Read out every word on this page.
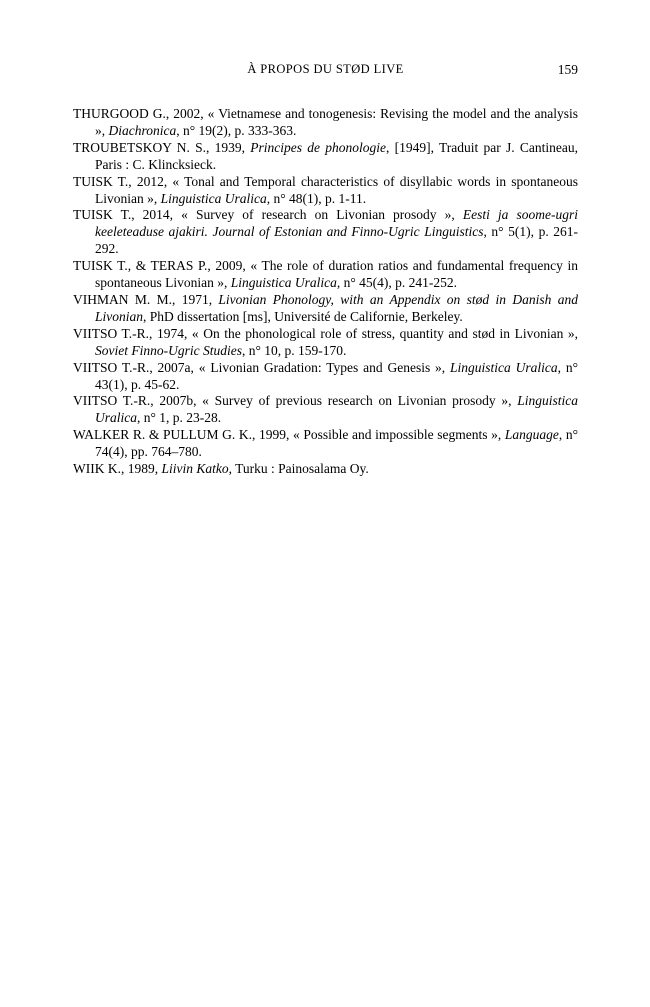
À PROPOS DU STØD LIVE	159

THURGOOD G., 2002, « Vietnamese and tonogenesis: Revising the model and the analysis », Diachronica, n° 19(2), p. 333-363.

TROUBETSKOY N. S., 1939, Principes de phonologie, [1949], Traduit par J. Cantineau, Paris : C. Klincksieck.

TUISK T., 2012, « Tonal and Temporal characteristics of disyllabic words in spontaneous Livonian », Linguistica Uralica, n° 48(1), p. 1-11.

TUISK T., 2014, « Survey of research on Livonian prosody », Eesti ja soome-ugri keeleteaduse ajakiri. Journal of Estonian and Finno-Ugric Linguistics, n° 5(1), p. 261-292.

TUISK T., & TERAS P., 2009, « The role of duration ratios and fundamental frequency in spontaneous Livonian », Linguistica Uralica, n° 45(4), p. 241-252.

VIHMAN M. M., 1971, Livonian Phonology, with an Appendix on stød in Danish and Livonian, PhD dissertation [ms], Université de Californie, Berkeley.

VIITSO T.-R., 1974, « On the phonological role of stress, quantity and stød in Livonian », Soviet Finno-Ugric Studies, n° 10, p. 159-170.

VIITSO T.-R., 2007a, « Livonian Gradation: Types and Genesis », Linguistica Uralica, n° 43(1), p. 45-62.

VIITSO T.-R., 2007b, « Survey of previous research on Livonian prosody », Linguistica Uralica, n° 1, p. 23-28.

WALKER R. & PULLUM G. K., 1999, « Possible and impossible segments », Language, n° 74(4), pp. 764–780.

WIIK K., 1989, Liivin Katko, Turku : Painosalama Oy.
